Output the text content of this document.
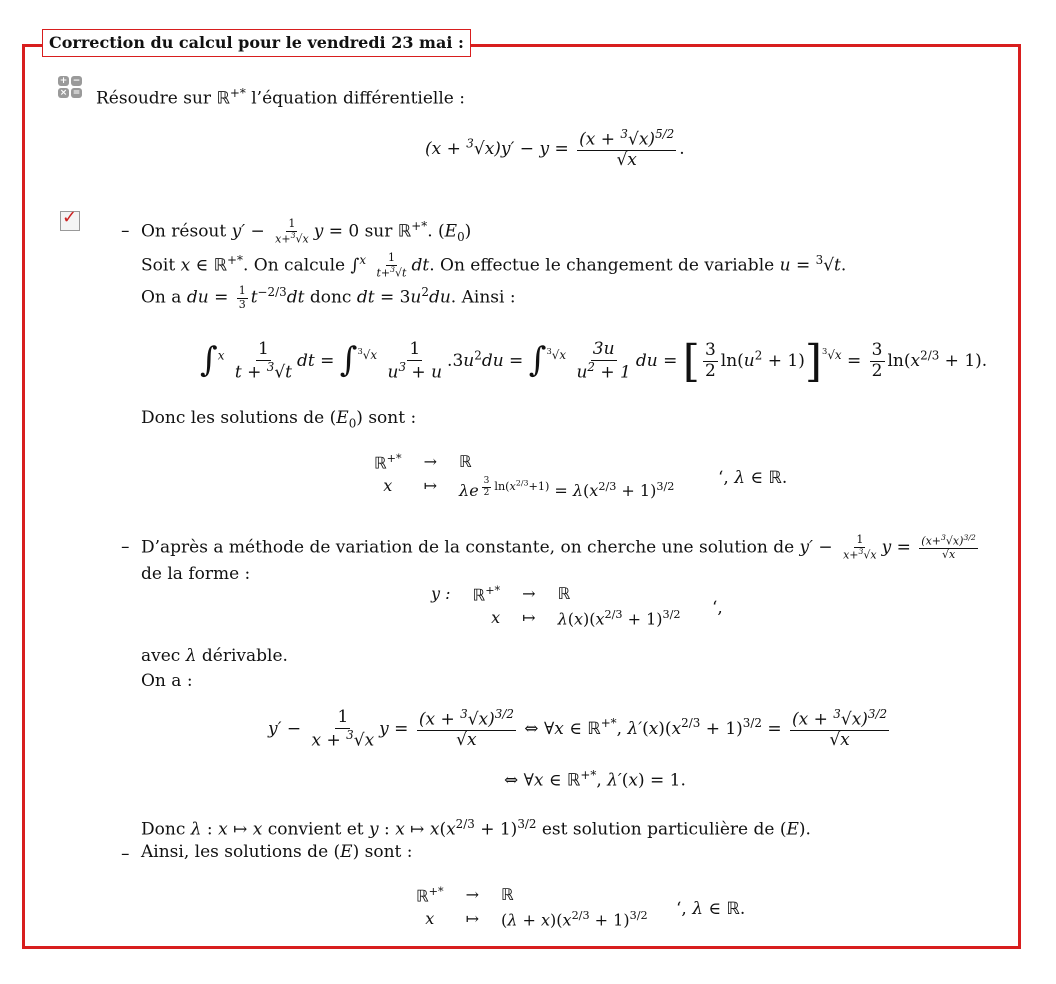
Correction du calcul pour le vendredi 23 mai :
+ −
× = Résoudre sur ℝ+* l’équation différentielle :
$(x + ^3√x)y' - y = \frac{(x + ^3√x)^{5/2}}{√x}$ .
✓
– On résout $y' - \frac{1}{x+^3√x}$ y = 0 sur ℝ+*. $(E_0)$
Soit x ∈ ℝ+*. On calcule $\int^x \frac{1}{t+^3√t}$ dt. On effectue le changement de variable u = $^3$√t.
On a du = $\frac{1}{3} t^{-2/3}dt$ donc dt = $3u^2du$. Ainsi :
$\int^x \frac{1}{t + ^3√t}$ dt = $\int^{^3√x} \frac{1}{u^3 + u} .3u^2du = \int^{^3√x} \frac{3u}{u^2 + 1}$ du = [ $\frac{3}{2} \ln(u^2 + 1)]^{^3√x} = \frac{3}{2} \ln(x^{2/3} + 1)$.
Donc les solutions de $(E_0)$ sont :
ℝ+* → ℝ
x	↦ λe $^{\frac{3}{2} ln(x^{2/3}+1)} = \lambda(x^{2/3} + 1)^{3/2}$	‘, λ ∈ ℝ.
– D’après a méthode de variation de la constante, on cherche une solution de $y' - \frac{1}{x+^3√x}$ $y = \frac{(x+^3√x)^{3/2}}{√x}$
de la forme :
y : ℝ+* → ℝ
x ↦ $\lambda(x)(x^{2/3} + 1)^{3/2}$ ‘,
avec λ dérivable.
On a :
$y' - \frac{1}{x + ^3√x}$ $y = \frac{(x + ^3√x)^{3/2}}{√x}$ ⇔ ∀x ∈ ℝ+*, $\lambda'(x)(x^{2/3} + 1)^{3/2} = \frac{(x + ^3√x)^{3/2}}{√x}$
⇔ ∀x ∈ ℝ+*, λ′(x) = 1.
Donc λ : x ↦ x convient et y : x ↦ $x(x^{2/3} + 1)^{3/2}$ est solution particulière de (E).
– Ainsi, les solutions de (E) sont :
ℝ+* → ℝ
x	↦ $(\lambda + x)(x^{2/3} + 1)^{3/2}$ ‘, λ ∈ ℝ.
